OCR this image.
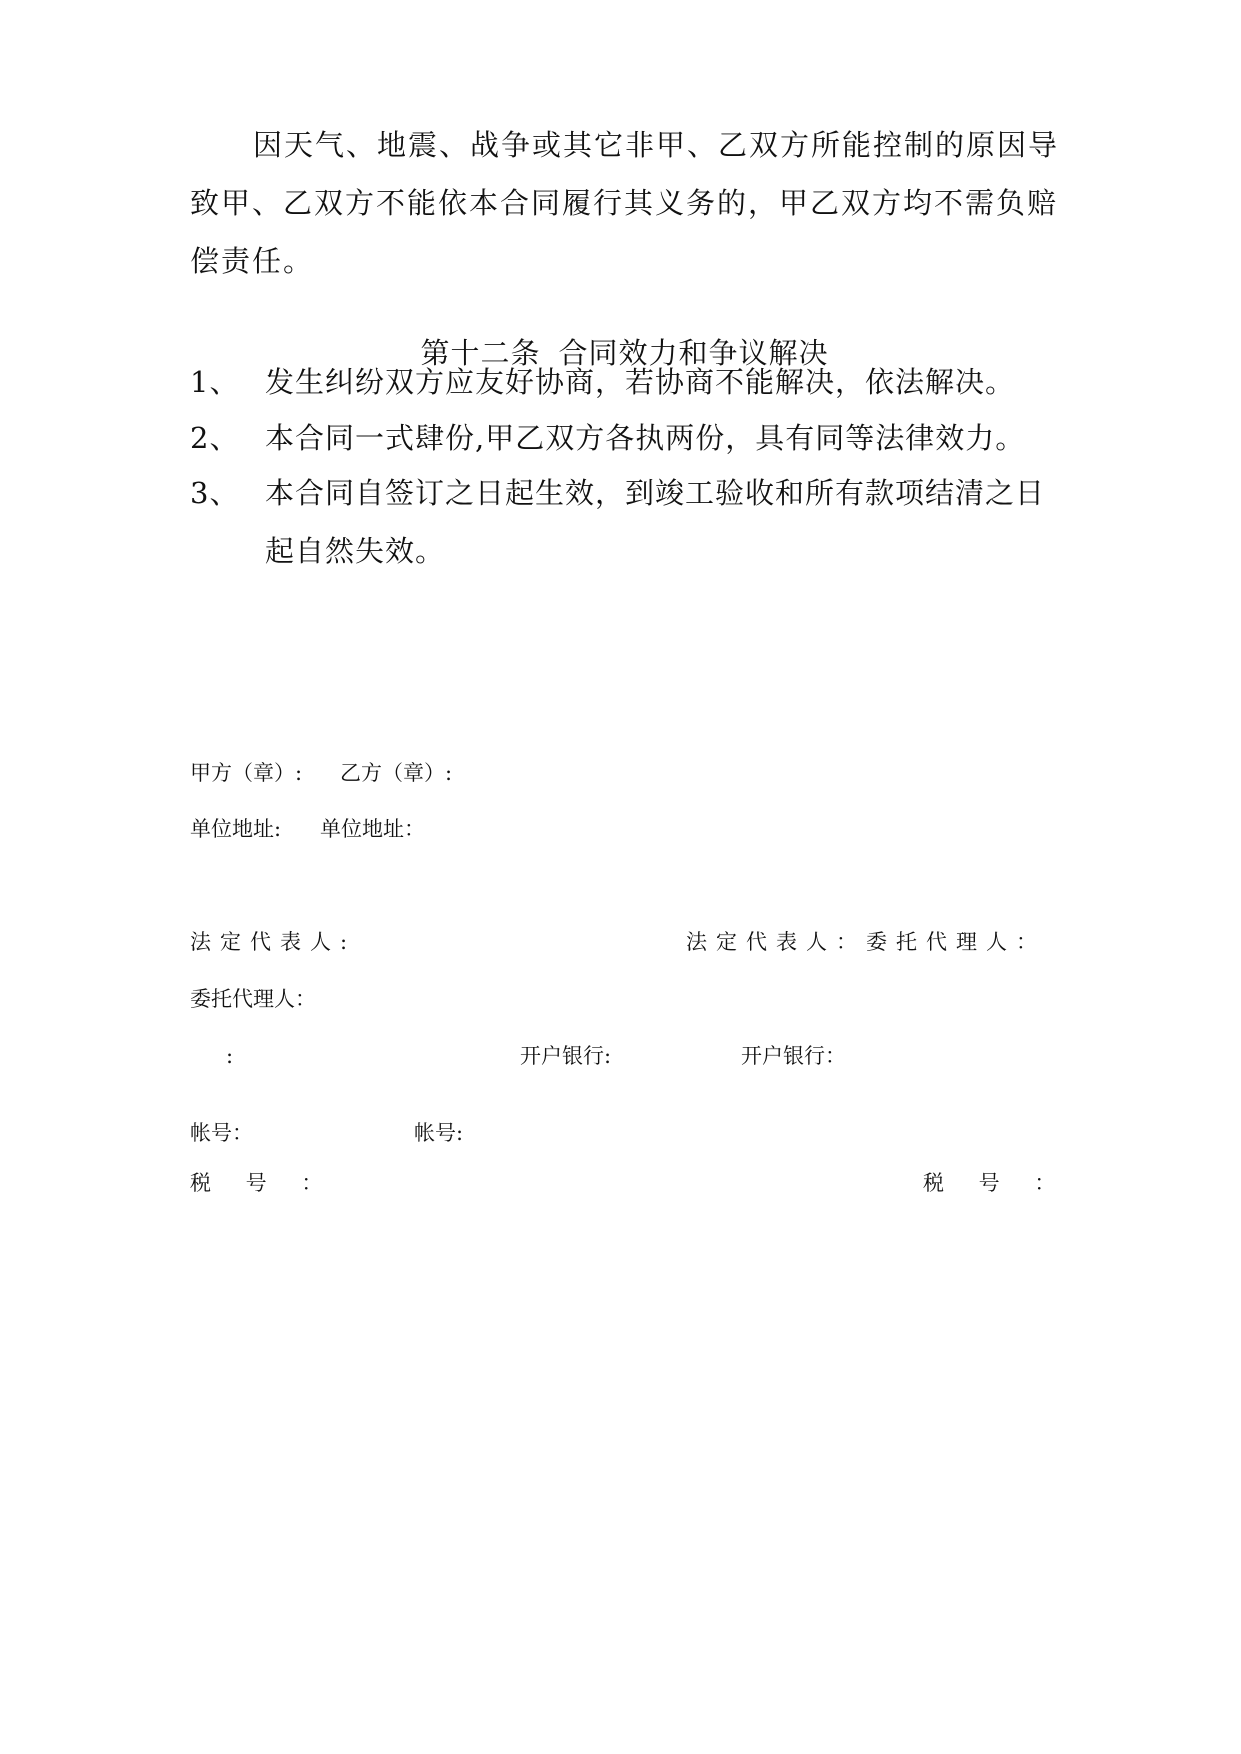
因天气、地震、战争或其它非甲、乙双方所能控制的原因导致甲、乙双方不能依本合同履行其义务的，甲乙双方均不需负赔偿责任。

第十二条 合同效力和争议解决
1、 发生纠纷双方应友好协商，若协商不能解决，依法解决。
2、 本合同一式肆份,甲乙双方各执两份，具有同等法律效力。
3、 本合同自签订之日起生效，到竣工验收和所有款项结清之日起自然失效。
甲方（章）: 乙方（章）:
单位地址: 单位地址：
法定代表人:	法定代表人：委托代理人：
委托代理人：
:	开户银行:	开户银行：
帐号：	帐号:
税 号 ：	税 号 ：
